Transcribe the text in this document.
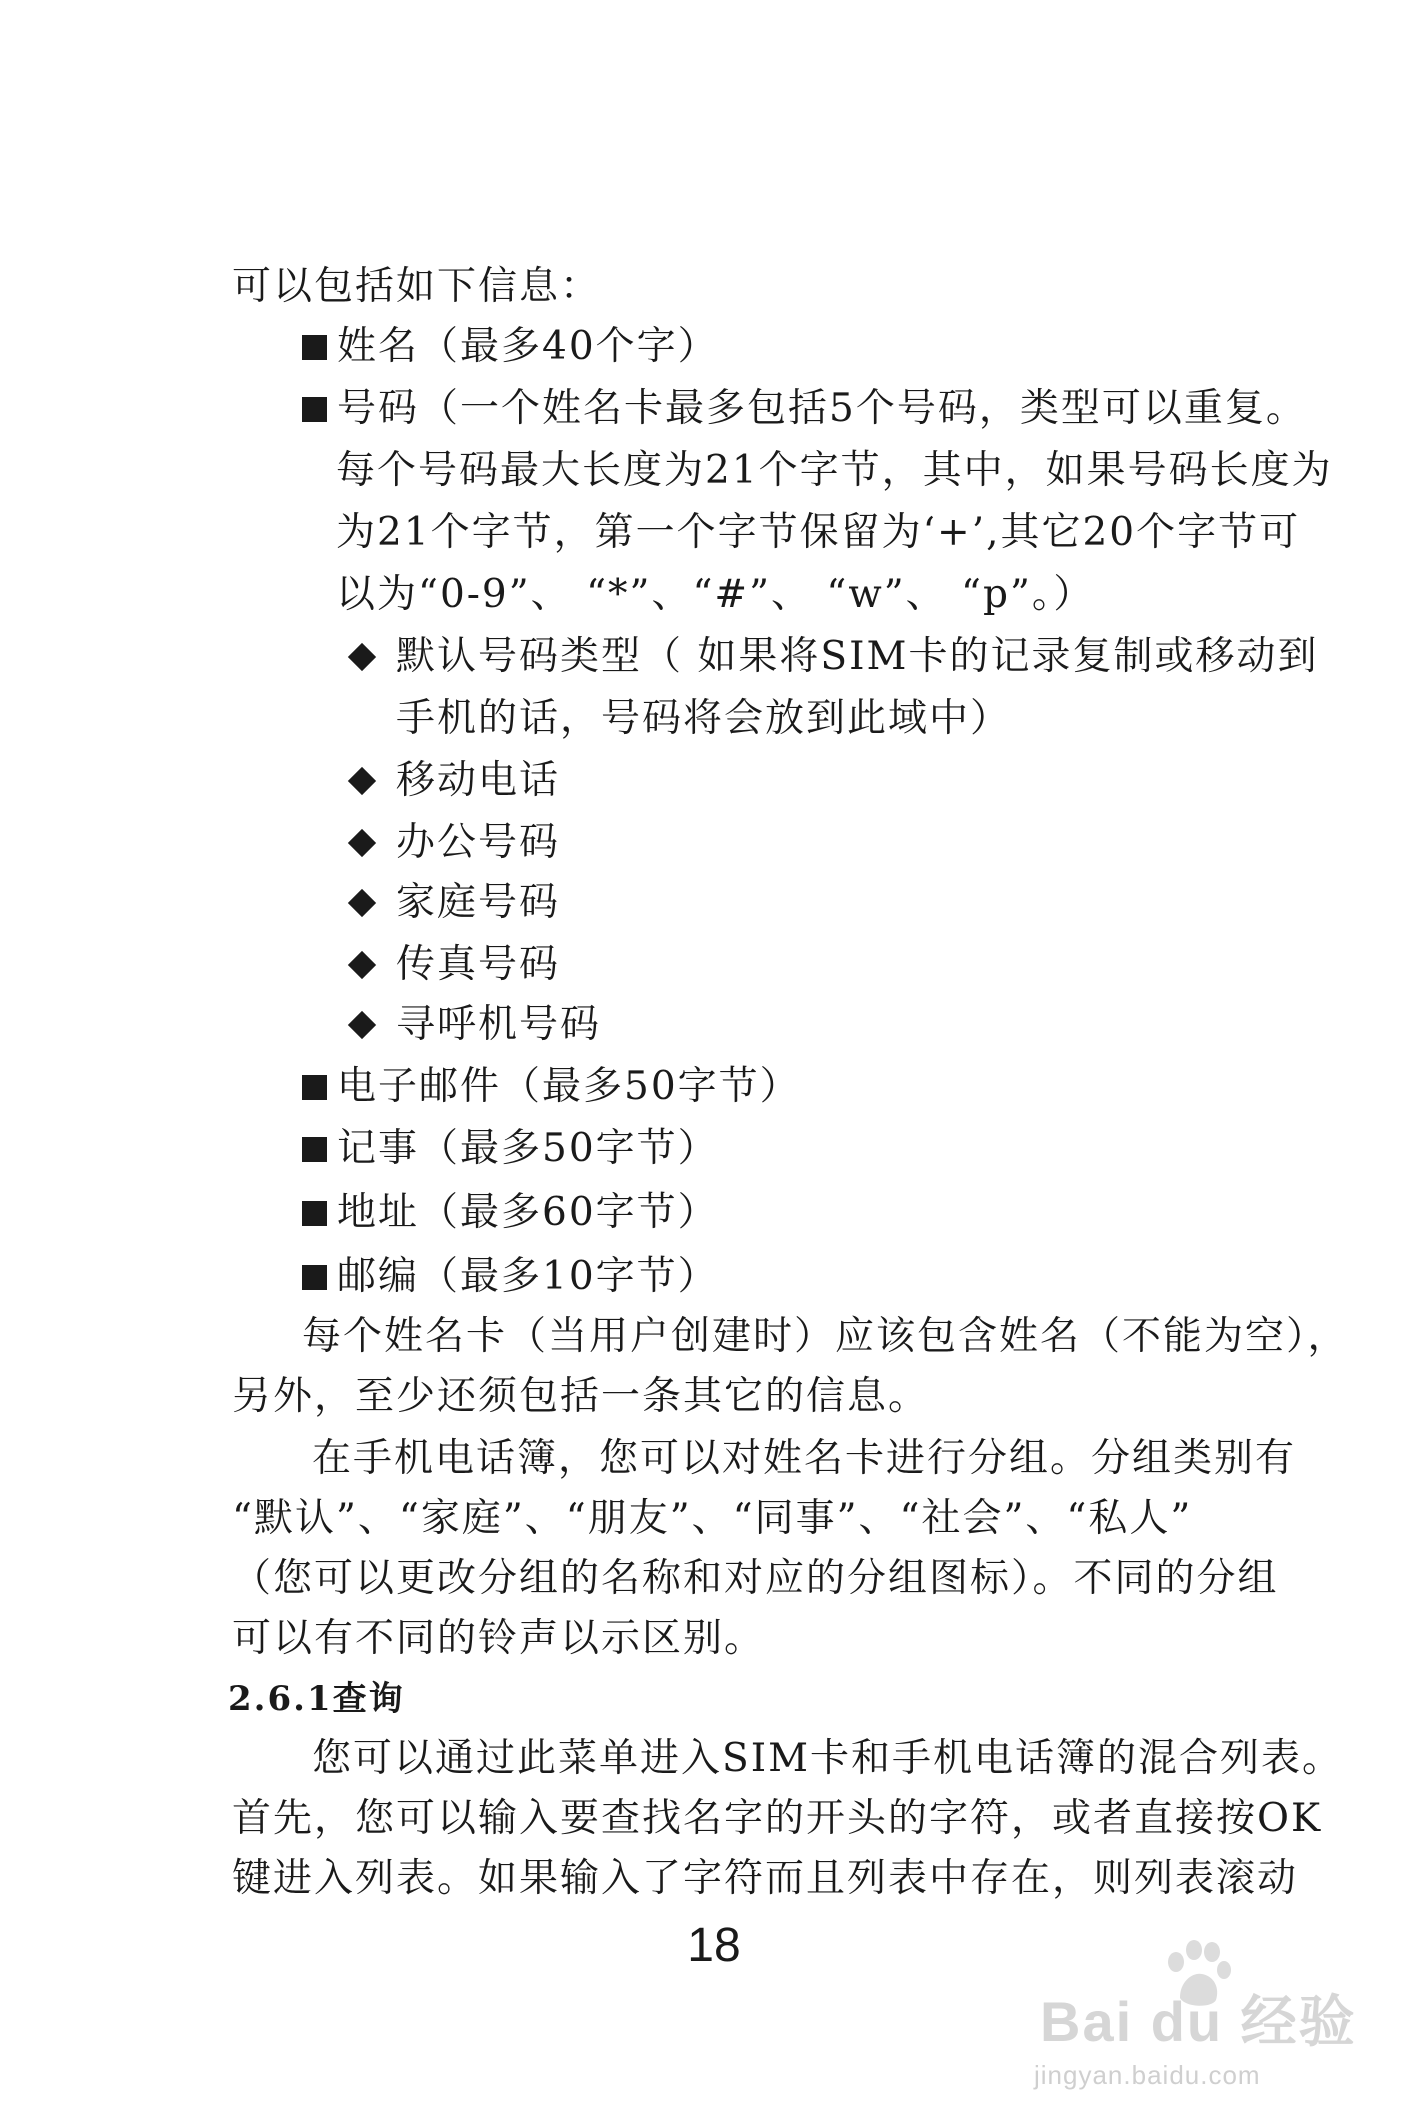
可以包括如下信息：
姓名（最多40个字）
号码（一个姓名卡最多包括5个号码，类型可以重复。
每个号码最大长度为21个字节，其中，如果号码长度为
为21个字节，第一个字节保留为‘+’,其它20个字节可
以为“0-9”、 “*”、“#”、 “w”、 “p”。）
默认号码类型（ 如果将SIM卡的记录复制或移动到
手机的话，号码将会放到此域中）
移动电话
办公号码
家庭号码
传真号码
寻呼机号码
电子邮件（最多50字节）
记事（最多50字节）
地址（最多60字节）
邮编（最多10字节）
每个姓名卡（当用户创建时）应该包含姓名（不能为空），
另外，至少还须包括一条其它的信息。
在手机电话簿，您可以对姓名卡进行分组。分组类别有
“默认”、“家庭”、“朋友”、“同事”、“社会”、“私人”
（您可以更改分组的名称和对应的分组图标）。不同的分组
可以有不同的铃声以示区别。
2.6.1查询
您可以通过此菜单进入SIM卡和手机电话簿的混合列表。
首先，您可以输入要查找名字的开头的字符，或者直接按OK
键进入列表。如果输入了字符而且列表中存在，则列表滚动
18
Bai du 经验
jingyan.baidu.com
